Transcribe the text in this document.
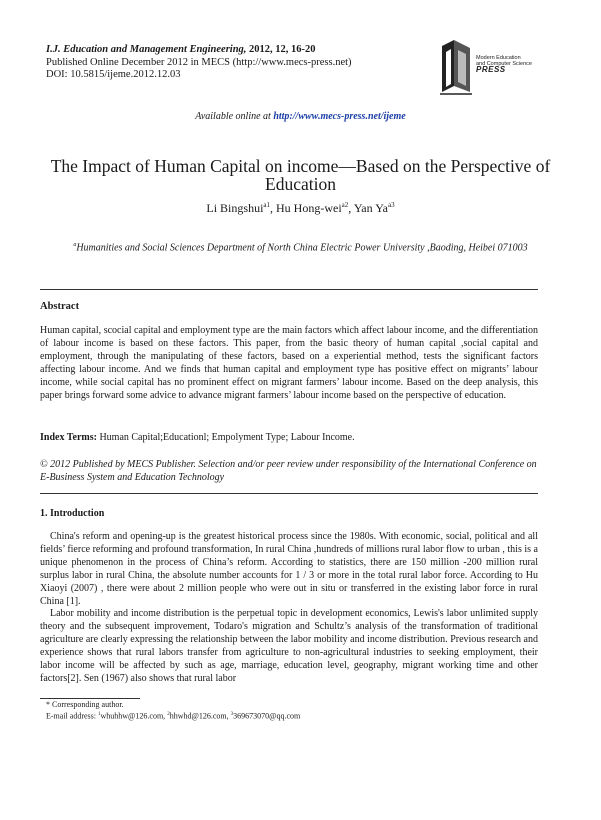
I.J. Education and Management Engineering, 2012, 12, 16-20
Published Online December 2012 in MECS (http://www.mecs-press.net)
DOI: 10.5815/ijeme.2012.12.03
Modern Education
and Computer Science
PRESS
Available online at http://www.mecs-press.net/ijeme
The Impact of Human Capital on income—Based on the Perspective of Education
Li Bingshui$^{a1}$, Hu Hong-wei$^{a2}$, Yan $Ya^{a3}$
$^a$Humanities and Social Sciences Department of North China Electric Power University ,Baoding, Heibei 071003
Abstract
Human capital, scocial capital and employment type are the main factors which affect labour income, and the differentiation of labour income is based on these factors. This paper, from the basic theory of human capital ,social capital and employment, through the manipulating of these factors, based on a experiential method, tests the significant factors affecting labour income. And we finds that human capital and employment type has positive effect on migrants’ labour income, while social capital has no prominent effect on migrant farmers’ labour income. Based on the deep analysis, this paper brings forward some advice to advance migrant farmers’ labour income based on the perspective of education.
Index Terms: Human Capital;Educationl; Empolyment Type; Labour Income.
© 2012 Published by MECS Publisher. Selection and/or peer review under responsibility of the International Conference on E-Business System and Education Technology
1. Introduction

China's reform and opening-up is the greatest historical process since the 1980s. With economic, social, political and all fields’ fierce reforming and profound transformation, In rural China ,hundreds of millions rural labor flow to urban , this is a unique phenomenon in the process of China’s reform. According to statistics, there are 150 million -200 million rural surplus labor in rural China, the absolute number accounts for 1 / 3 or more in the total rural labor force. According to Hu Xiaoyi (2007) , there were about 2 million people who were out in situ or transferred in the existing labor force in rural China [1].

Labor mobility and income distribution is the perpetual topic in development economics, Lewis's labor unlimited supply theory and the subsequent improvement, Todaro's migration and Schultz’s analysis of the transformation of traditional agriculture are clearly expressing the relationship between the labor mobility and income distribution. Previous research and experience shows that rural labors transfer from agriculture to non-agricultural industries to seeking employment, their labor income will be affected by such as age, marriage, education level, geography, migrant working time and other factors[2]. Sen (1967) also shows that rural labor

* Corresponding author.
E-mail address: $^1$whuhhw@126.com, $^2$hhwhd@126.com, $^3$369673070@qq.com
